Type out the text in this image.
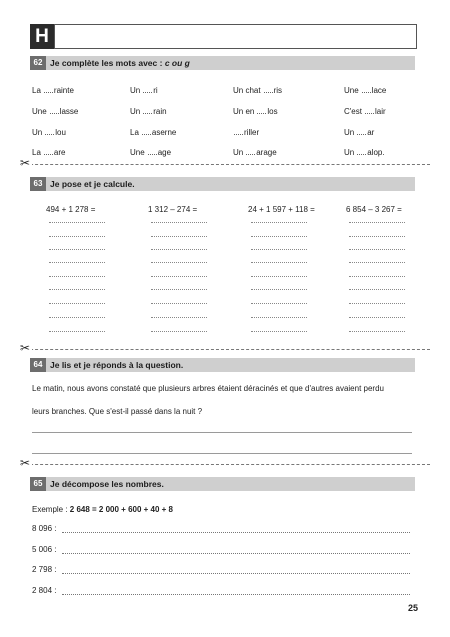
H
62 Je complète les mots avec : c ou g
La rainte	Un ri	Un chat ris	Une lace
Une lasse	Un rain	Un en los	C'est lair
Un lou	La aserne	riller	Un ar
La are	Une age	Un arage	Un alop.
✂
63 Je pose et je calcule.
494 + 1 278 =	1 312 – 274 =	24 + 1 597 + 118 =	6 854 – 3 267 =
✂
64 Je lis et je réponds à la question.
Le matin, nous avons constaté que plusieurs arbres étaient déracinés et que d'autres avaient perdu
leurs branches. Que s'est-il passé dans la nuit ?
✂
65 Je décompose les nombres.
Exemple : 2 648 = 2 000 + 600 + 40 + 8
8 096 :
5 006 :
2 798 :
2 804 :
25
